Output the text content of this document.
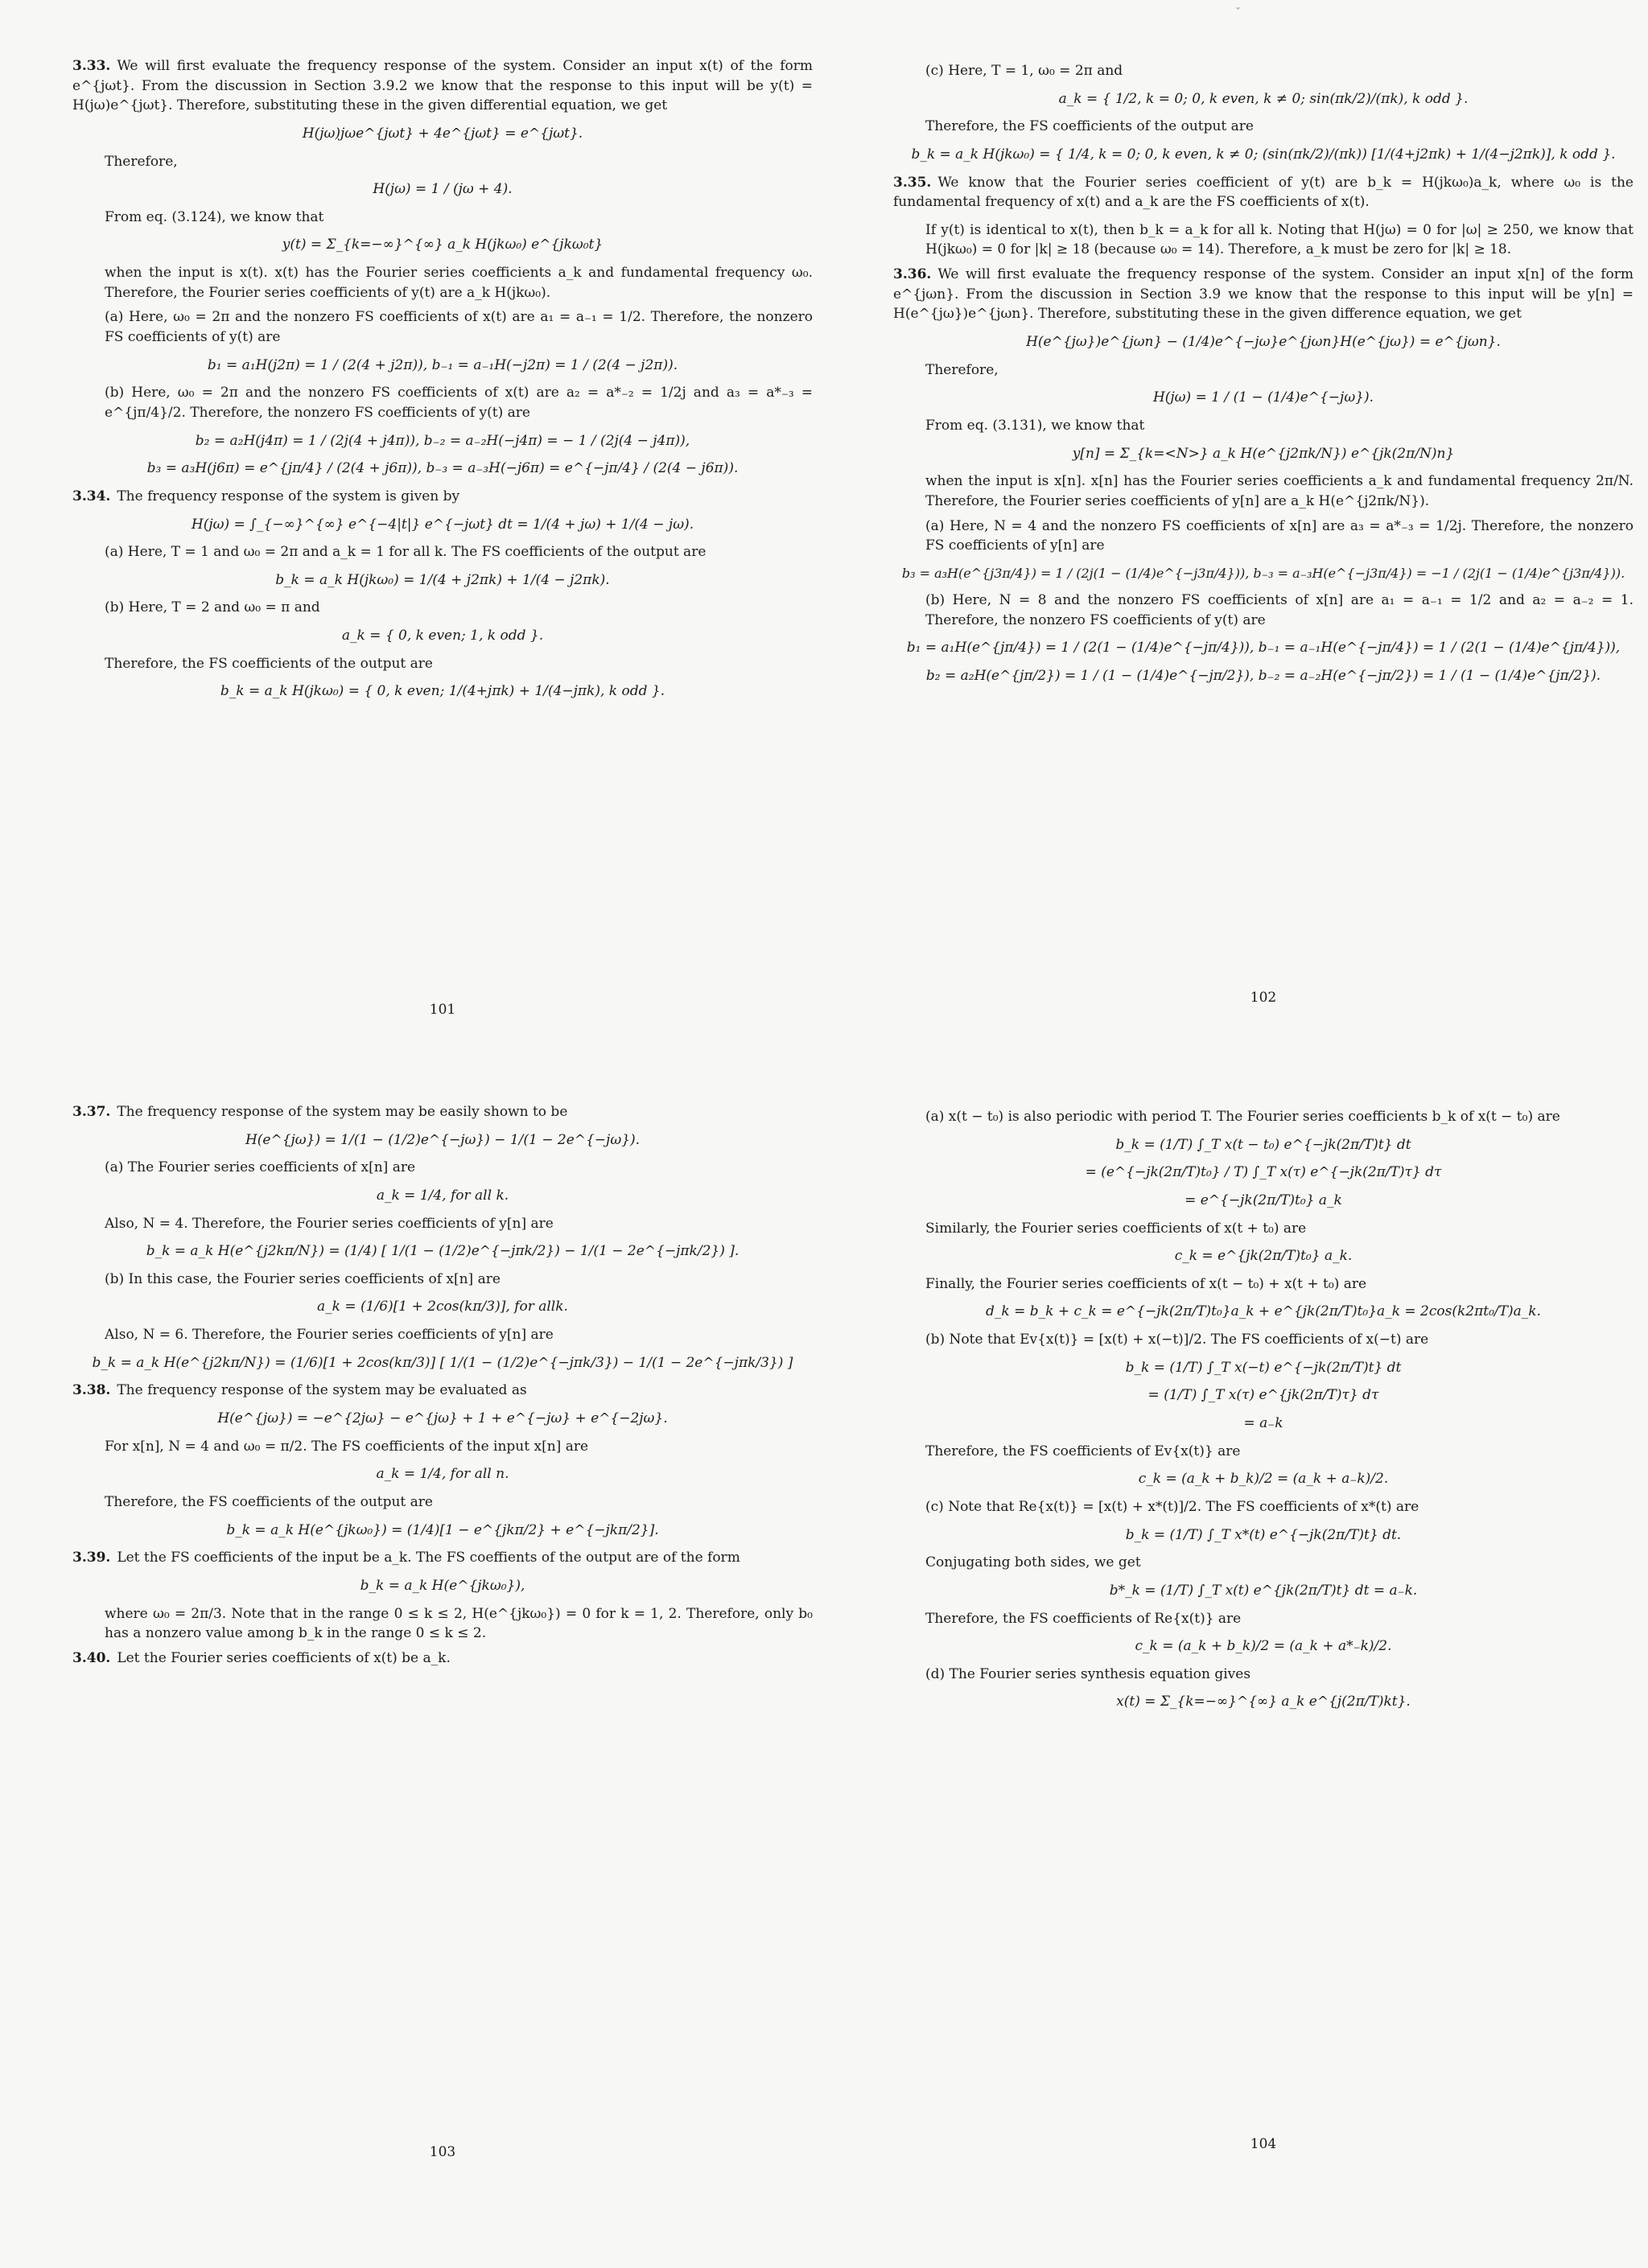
ˇ
3.33. We will first evaluate the frequency response of the system. Consider an input x(t) of the form e^{jωt}. From the discussion in Section 3.9.2 we know that the response to this input will be y(t) = H(jω)e^{jωt}. Therefore, substituting these in the given differential equation, we get
H(jω)jωe^{jωt} + 4e^{jωt} = e^{jωt}.
Therefore,
H(jω) = 1 / (jω + 4).
From eq. (3.124), we know that
y(t) = Σ_{k=−∞}^{∞} a_k H(jkω₀) e^{jkω₀t}
when the input is x(t). x(t) has the Fourier series coefficients a_k and fundamental frequency ω₀. Therefore, the Fourier series coefficients of y(t) are a_k H(jkω₀).
(a) Here, ω₀ = 2π and the nonzero FS coefficients of x(t) are a₁ = a₋₁ = 1/2. Therefore, the nonzero FS coefficients of y(t) are
b₁ = a₁H(j2π) = 1 / (2(4 + j2π)), b₋₁ = a₋₁H(−j2π) = 1 / (2(4 − j2π)).
(b) Here, ω₀ = 2π and the nonzero FS coefficients of x(t) are a₂ = a*₋₂ = 1/2j and a₃ = a*₋₃ = e^{jπ/4}/2. Therefore, the nonzero FS coefficients of y(t) are
b₂ = a₂H(j4π) = 1 / (2j(4 + j4π)), b₋₂ = a₋₂H(−j4π) = − 1 / (2j(4 − j4π)),
b₃ = a₃H(j6π) = e^{jπ/4} / (2(4 + j6π)), b₋₃ = a₋₃H(−j6π) = e^{−jπ/4} / (2(4 − j6π)).
3.34. The frequency response of the system is given by
H(jω) = ∫_{−∞}^{∞} e^{−4|t|} e^{−jωt} dt = 1/(4 + jω) + 1/(4 − jω).
(a) Here, T = 1 and ω₀ = 2π and a_k = 1 for all k. The FS coefficients of the output are
b_k = a_k H(jkω₀) = 1/(4 + j2πk) + 1/(4 − j2πk).
(b) Here, T = 2 and ω₀ = π and
a_k = { 0, k even; 1, k odd }.
Therefore, the FS coefficients of the output are
b_k = a_k H(jkω₀) = { 0, k even; 1/(4+jπk) + 1/(4−jπk), k odd }.
(c) Here, T = 1, ω₀ = 2π and
a_k = { 1/2, k = 0; 0, k even, k ≠ 0; sin(πk/2)/(πk), k odd }.
Therefore, the FS coefficients of the output are
b_k = a_k H(jkω₀) = { 1/4, k = 0; 0, k even, k ≠ 0; (sin(πk/2)/(πk)) [1/(4+j2πk) + 1/(4−j2πk)], k odd }.
3.35. We know that the Fourier series coefficient of y(t) are b_k = H(jkω₀)a_k, where ω₀ is the fundamental frequency of x(t) and a_k are the FS coefficients of x(t).
If y(t) is identical to x(t), then b_k = a_k for all k. Noting that H(jω) = 0 for |ω| ≥ 250, we know that H(jkω₀) = 0 for |k| ≥ 18 (because ω₀ = 14). Therefore, a_k must be zero for |k| ≥ 18.
3.36. We will first evaluate the frequency response of the system. Consider an input x[n] of the form e^{jωn}. From the discussion in Section 3.9 we know that the response to this input will be y[n] = H(e^{jω})e^{jωn}. Therefore, substituting these in the given difference equation, we get
H(e^{jω})e^{jωn} − (1/4)e^{−jω}e^{jωn}H(e^{jω}) = e^{jωn}.
Therefore,
H(jω) = 1 / (1 − (1/4)e^{−jω}).
From eq. (3.131), we know that
y[n] = Σ_{k=<N>} a_k H(e^{j2πk/N}) e^{jk(2π/N)n}
when the input is x[n]. x[n] has the Fourier series coefficients a_k and fundamental frequency 2π/N. Therefore, the Fourier series coefficients of y[n] are a_k H(e^{j2πk/N}).
(a) Here, N = 4 and the nonzero FS coefficients of x[n] are a₃ = a*₋₃ = 1/2j. Therefore, the nonzero FS coefficients of y[n] are
b₃ = a₃H(e^{j3π/4}) = 1 / (2j(1 − (1/4)e^{−j3π/4})), b₋₃ = a₋₃H(e^{−j3π/4}) = −1 / (2j(1 − (1/4)e^{j3π/4})).
(b) Here, N = 8 and the nonzero FS coefficients of x[n] are a₁ = a₋₁ = 1/2 and a₂ = a₋₂ = 1. Therefore, the nonzero FS coefficients of y(t) are
b₁ = a₁H(e^{jπ/4}) = 1 / (2(1 − (1/4)e^{−jπ/4})), b₋₁ = a₋₁H(e^{−jπ/4}) = 1 / (2(1 − (1/4)e^{jπ/4})),
b₂ = a₂H(e^{jπ/2}) = 1 / (1 − (1/4)e^{−jπ/2}), b₋₂ = a₋₂H(e^{−jπ/2}) = 1 / (1 − (1/4)e^{jπ/2}).
3.37. The frequency response of the system may be easily shown to be
H(e^{jω}) = 1/(1 − (1/2)e^{−jω}) − 1/(1 − 2e^{−jω}).
(a) The Fourier series coefficients of x[n] are
a_k = 1/4, for all k.
Also, N = 4. Therefore, the Fourier series coefficients of y[n] are
b_k = a_k H(e^{j2kπ/N}) = (1/4) [ 1/(1 − (1/2)e^{−jπk/2}) − 1/(1 − 2e^{−jπk/2}) ].
(b) In this case, the Fourier series coefficients of x[n] are
a_k = (1/6)[1 + 2cos(kπ/3)], for allk.
Also, N = 6. Therefore, the Fourier series coefficients of y[n] are
b_k = a_k H(e^{j2kπ/N}) = (1/6)[1 + 2cos(kπ/3)] [ 1/(1 − (1/2)e^{−jπk/3}) − 1/(1 − 2e^{−jπk/3}) ]
3.38. The frequency response of the system may be evaluated as
H(e^{jω}) = −e^{2jω} − e^{jω} + 1 + e^{−jω} + e^{−2jω}.
For x[n], N = 4 and ω₀ = π/2. The FS coefficients of the input x[n] are
a_k = 1/4, for all n.
Therefore, the FS coefficients of the output are
b_k = a_k H(e^{jkω₀}) = (1/4)[1 − e^{jkπ/2} + e^{−jkπ/2}].
3.39. Let the FS coefficients of the input be a_k. The FS coeffients of the output are of the form
b_k = a_k H(e^{jkω₀}),
where ω₀ = 2π/3. Note that in the range 0 ≤ k ≤ 2, H(e^{jkω₀}) = 0 for k = 1, 2. Therefore, only b₀ has a nonzero value among b_k in the range 0 ≤ k ≤ 2.
3.40. Let the Fourier series coefficients of x(t) be a_k.
(a) x(t − t₀) is also periodic with period T. The Fourier series coefficients b_k of x(t − t₀) are
b_k = (1/T) ∫_T x(t − t₀) e^{−jk(2π/T)t} dt
= (e^{−jk(2π/T)t₀} / T) ∫_T x(τ) e^{−jk(2π/T)τ} dτ
= e^{−jk(2π/T)t₀} a_k
Similarly, the Fourier series coefficients of x(t + t₀) are
c_k = e^{jk(2π/T)t₀} a_k.
Finally, the Fourier series coefficients of x(t − t₀) + x(t + t₀) are
d_k = b_k + c_k = e^{−jk(2π/T)t₀}a_k + e^{jk(2π/T)t₀}a_k = 2cos(k2πt₀/T)a_k.
(b) Note that Ev{x(t)} = [x(t) + x(−t)]/2. The FS coefficients of x(−t) are
b_k = (1/T) ∫_T x(−t) e^{−jk(2π/T)t} dt
= (1/T) ∫_T x(τ) e^{jk(2π/T)τ} dτ
= a₋k
Therefore, the FS coefficients of Ev{x(t)} are
c_k = (a_k + b_k)/2 = (a_k + a₋k)/2.
(c) Note that Re{x(t)} = [x(t) + x*(t)]/2. The FS coefficients of x*(t) are
b_k = (1/T) ∫_T x*(t) e^{−jk(2π/T)t} dt.
Conjugating both sides, we get
b*_k = (1/T) ∫_T x(t) e^{jk(2π/T)t} dt = a₋k.
Therefore, the FS coefficients of Re{x(t)} are
c_k = (a_k + b_k)/2 = (a_k + a*₋k)/2.
(d) The Fourier series synthesis equation gives
x(t) = Σ_{k=−∞}^{∞} a_k e^{j(2π/T)kt}.
101
102
103	104
